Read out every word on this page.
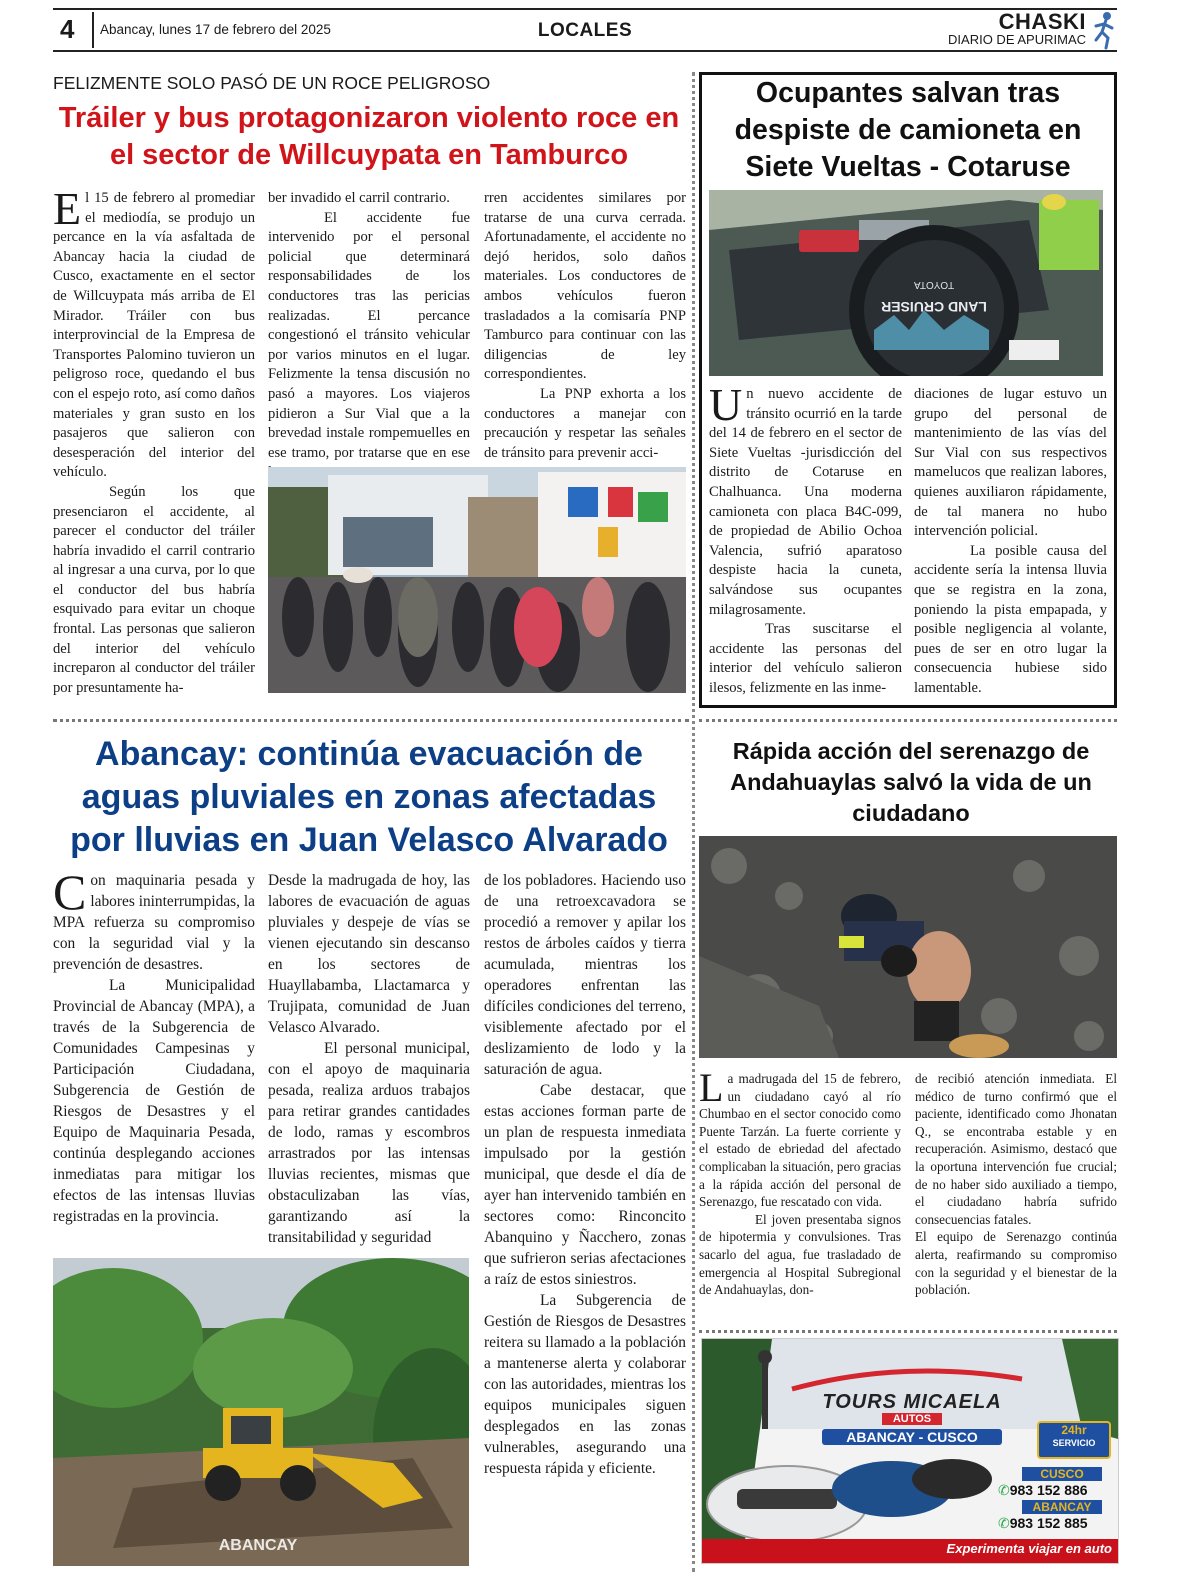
4 Abancay, lunes 17 de febrero del 2025	LOCALES	CHASKI
DIARIO DE APURIMAC
FELIZMENTE SOLO PASÓ DE UN ROCE PELIGROSO
Tráiler y bus protagonizaron violento roce en el sector de Willcuypata en Tamburco

El 15 de febrero al promediar el mediodía, se produjo un percance en la vía asfaltada de Abancay hacia la ciudad de Cusco, exactamente en el sector de Willcuypata más arriba de El Mirador. Tráiler con bus interprovincial de la Empresa de Transportes Palomino tuvieron un peligroso roce, quedando el bus con el espejo roto, así como daños materiales y gran susto en los pasajeros que salieron con desesperación del interior del vehículo.

Según los que presenciaron el accidente, al parecer el conductor del tráiler habría invadido el carril contrario al ingresar a una curva, por lo que el conductor del bus habría esquivado para evitar un choque frontal. Las personas que salieron del interior del vehículo increparon al conductor del tráiler por presuntamente ha-

ber invadido el carril contrario.

El accidente fue intervenido por el personal policial que determinará responsabilidades de los conductores tras las pericias realizadas. El percance congestionó el tránsito vehicular por varios minutos en el lugar. Felizmente la tensa discusión no pasó a mayores. Los viajeros pidieron a Sur Vial que a la brevedad instale rompemuelles en ese tramo, por tratarse que en ese

rren accidentes similares por tratarse de una curva cerrada. Afortunadamente, el accidente no dejó heridos, solo daños materiales. Los conductores de ambos vehículos fueron trasladados a la comisaría PNP Tamburco para continuar con las diligencias de ley correspondientes.

La PNP exhorta a los conductores a manejar con precaución y respetar las señales de tránsito para prevenir acci-

Ocupantes salvan tras despiste de camioneta en Siete Vueltas - Cotaruse
TOYOTA
LAND CRUISER

Un nuevo accidente de tránsito ocurrió en la tarde del 14 de febrero en el sector de Siete Vueltas -jurisdicción del distrito de Cotaruse en Chalhuanca. Una moderna camioneta con placa B4C-099, de propiedad de Abilio Ochoa Valencia, sufrió aparatoso despiste hacia la cuneta, salvándose sus ocupantes milagrosamente.

Tras suscitarse el accidente las personas del interior del vehículo salieron ilesos, felizmente en las inme-

diaciones de lugar estuvo un grupo del personal de mantenimiento de las vías del Sur Vial con sus respectivos mamelucos que realizan labores, quienes auxiliaron rápidamente, de tal manera no hubo intervención policial.

La posible causa del accidente sería la intensa lluvia que se registra en la zona, poniendo la pista empapada, y posible negligencia al volante, pues de ser en otro lugar la consecuencia hubiese sido lamentable.

Abancay: continúa evacuación de aguas pluviales en zonas afectadas por lluvias en Juan Velasco Alvarado

Con maquinaria pesada y labores ininterrumpidas, la MPA refuerza su compromiso con la seguridad vial y la prevención de desastres.

La Municipalidad Provincial de Abancay (MPA), a través de la Subgerencia de Comunidades Campesinas y Participación Ciudadana, Subgerencia de Gestión de Riesgos de Desastres y el Equipo de Maquinaria Pesada, continúa desplegando acciones inmediatas para mitigar los efectos de las intensas lluvias registradas en la provincia.

Desde la madrugada de hoy, las labores de evacuación de aguas pluviales y despeje de vías se vienen ejecutando sin descanso en los sectores de Huayllabamba, Llactamarca y Trujipata, comunidad de Juan Velasco Alvarado.

El personal municipal, con el apoyo de maquinaria pesada, realiza arduos trabajos para retirar grandes cantidades de lodo, ramas y escombros arrastrados por las intensas lluvias recientes, mismas que obstaculizaban las vías, garantizando así la transitabilidad y seguridad

de los pobladores. Haciendo uso de una retroexcavadora se procedió a remover y apilar los restos de árboles caídos y tierra acumulada, mientras los operadores enfrentan las difíciles condiciones del terreno, visiblemente afectado por el deslizamiento de lodo y la saturación de agua.

Cabe destacar, que estas acciones forman parte de un plan de respuesta inmediata impulsado por la gestión municipal, que desde el día de ayer han intervenido también en sectores como: Rinconcito Abanquino y Ñacchero, zonas que sufrieron serias afectaciones a raíz de estos siniestros.

La Subgerencia de Gestión de Riesgos de Desastres reitera su llamado a la población a mantenerse alerta y colaborar con las autoridades, mientras los equipos municipales siguen desplegados en las zonas vulnerables, asegurando una respuesta rápida y eficiente.

ABANCAY
Rápida acción del serenazgo de Andahuaylas salvó la vida de un ciudadano

La madrugada del 15 de febrero, un ciudadano cayó al río Chumbao en el sector conocido como Puente Tarzán. La fuerte corriente y el estado de ebriedad del afectado complicaban la situación, pero gracias a la rápida acción del personal de Serenazgo, fue rescatado con vida.

El joven presentaba signos de hipotermia y convulsiones. Tras sacarlo del agua, fue trasladado de emergencia al Hospital Subregional de Andahuaylas, don-

de recibió atención inmediata. El médico de turno confirmó que el paciente, identificado como Jhonatan Q., se encontraba estable y en recuperación. Asimismo, destacó que la oportuna intervención fue crucial; de no haber sido auxiliado a tiempo, el ciudadano habría sufrido consecuencias fatales.

El equipo de Serenazgo continúa alerta, reafirmando su compromiso con la seguridad y el bienestar de la población.

TOURS MICAELA
AUTOS
ABANCAY - CUSCO	24hr
SERVICIO
CUSCO
✆983 152 886
ABANCAY
✆983 152 885
Experimenta viajar en auto
